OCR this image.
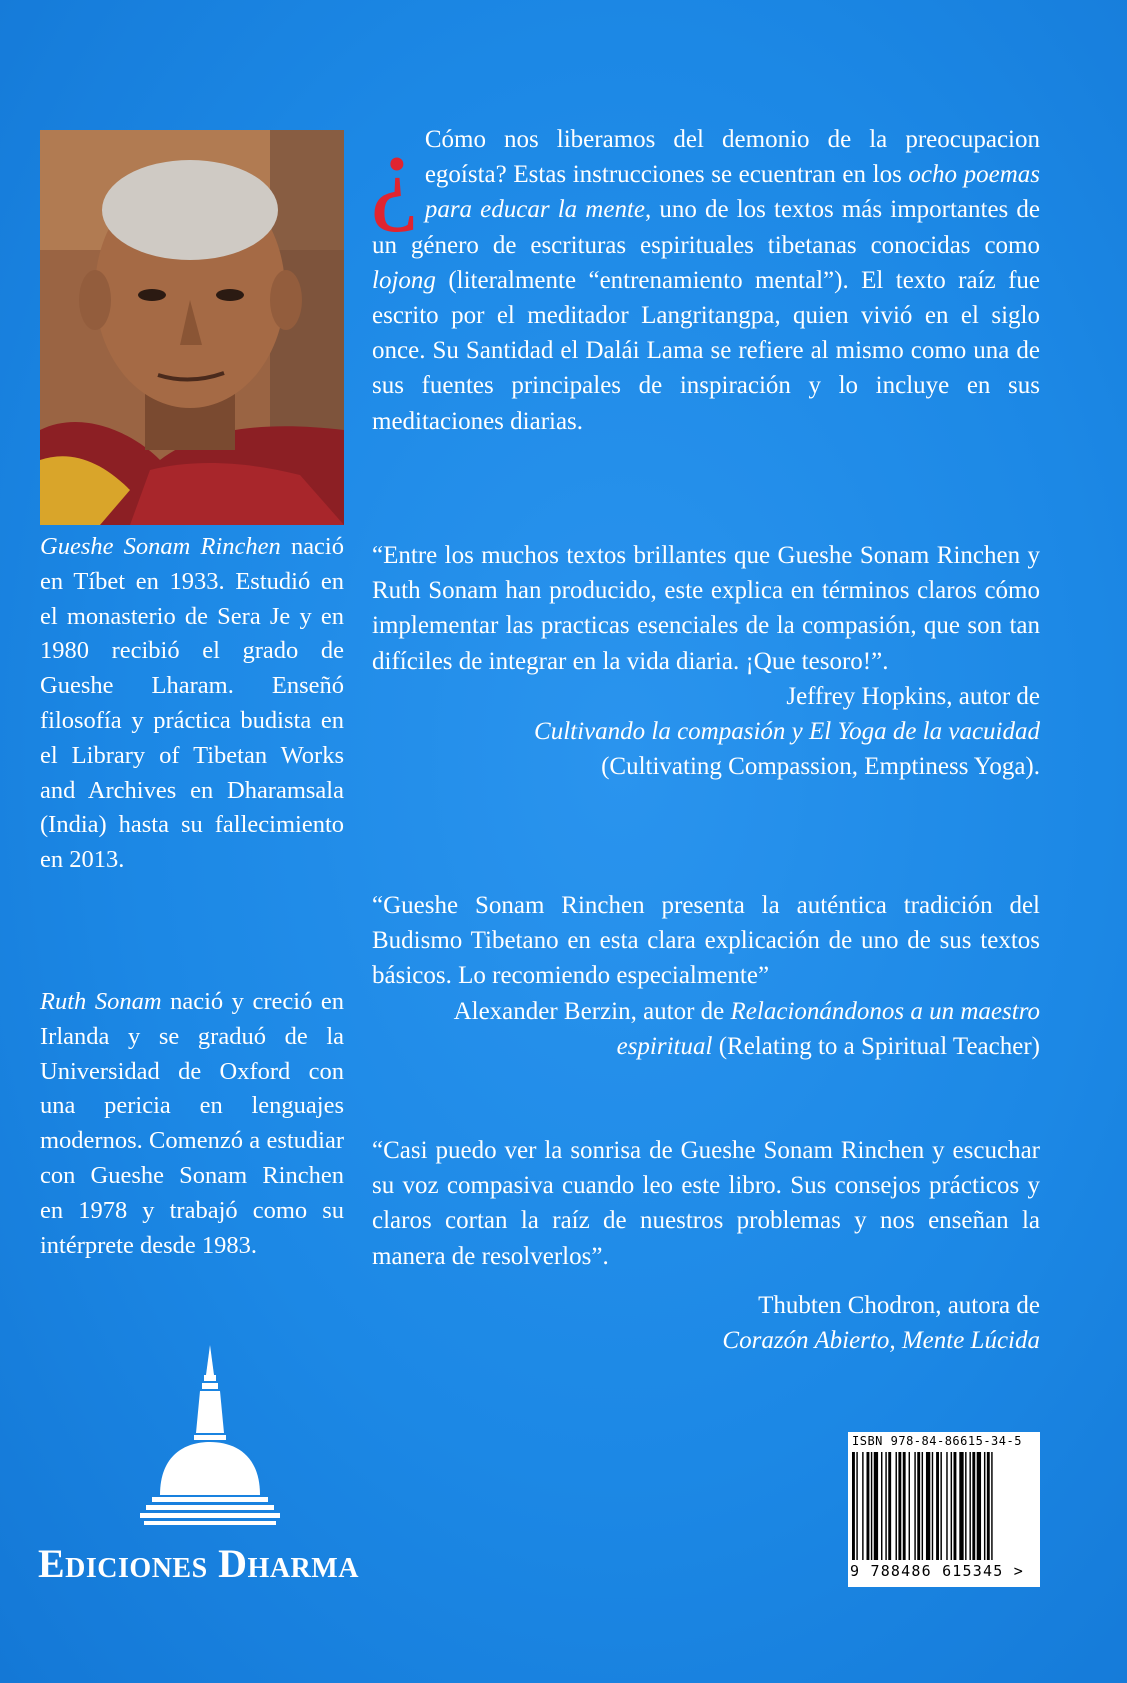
Gueshe Sonam Rinchen nació en Tíbet en 1933. Estudió en el monasterio de Sera Je y en 1980 recibió el grado de Gueshe Lharam. Enseñó filosofía y práctica budista en el Library of Tibetan Works and Archives en Dharamsala (India) hasta su fallecimiento en 2013.
Ruth Sonam nació y creció en Irlanda y se graduó de la Universidad de Oxford con una pericia en lenguajes modernos. Comenzó a estudiar con Gueshe Sonam Rinchen en 1978 y trabajó como su intérprete desde 1983.
Ediciones Dharma
¿ Cómo nos liberamos del demonio de la preocupacion egoísta? Estas instrucciones se ecuentran en los ocho poemas para educar la mente, uno de los textos más importantes de un género de escrituras espirituales tibetanas conocidas como lojong (literalmente “entrenamiento mental”). El texto raíz fue escrito por el meditador Langritangpa, quien vivió en el siglo once. Su Santidad el Dalái Lama se refiere al mismo como una de sus fuentes principales de inspiración y lo incluye en sus meditaciones diarias.
“Entre los muchos textos brillantes que Gueshe Sonam Rinchen y Ruth Sonam han producido, este explica en términos claros cómo implementar las practicas esenciales de la compasión, que son tan difíciles de integrar en la vida diaria. ¡Que tesoro!”.
Jeffrey Hopkins, autor de
Cultivando la compasión y El Yoga de la vacuidad
(Cultivating Compassion, Emptiness Yoga).
“Gueshe Sonam Rinchen presenta la auténtica tradición del Budismo Tibetano en esta clara explicación de uno de sus textos básicos. Lo recomiendo especialmente”
Alexander Berzin, autor de Relacionándonos a un maestro espiritual (Relating to a Spiritual Teacher)
“Casi puedo ver la sonrisa de Gueshe Sonam Rinchen y escuchar su voz compasiva cuando leo este libro. Sus consejos prácticos y claros cortan la raíz de nuestros problemas y nos enseñan la manera de resolverlos”.
Thubten Chodron, autora de
Corazón Abierto, Mente Lúcida
ISBN 978-84-86615-34-5
9 788486 615345 >
